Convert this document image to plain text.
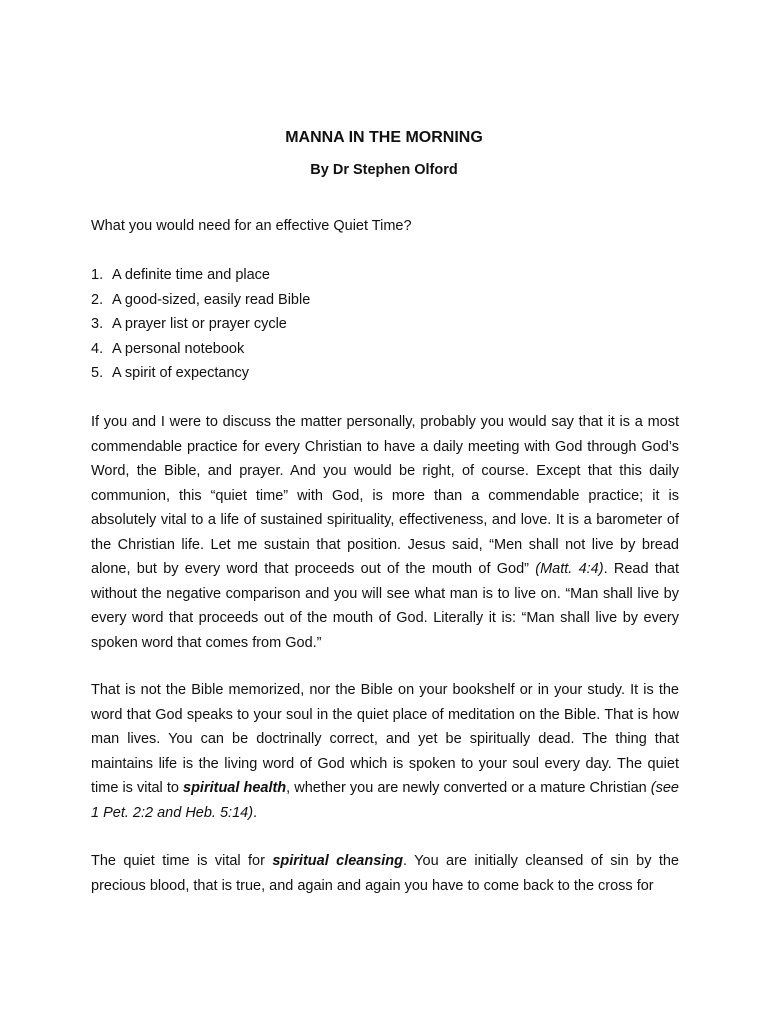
MANNA IN THE MORNING
By Dr Stephen Olford
What you would need for an effective Quiet Time?
1. A definite time and place
2. A good-sized, easily read Bible
3. A prayer list or prayer cycle
4. A personal notebook
5. A spirit of expectancy

If you and I were to discuss the matter personally, probably you would say that it is a most commendable practice for every Christian to have a daily meeting with God through God’s Word, the Bible, and prayer. And you would be right, of course. Except that this daily communion, this “quiet time” with God, is more than a commendable practice; it is absolutely vital to a life of sustained spirituality, effectiveness, and love. It is a barometer of the Christian life. Let me sustain that position. Jesus said, “Men shall not live by bread alone, but by every word that proceeds out of the mouth of God” (Matt. 4:4). Read that without the negative comparison and you will see what man is to live on. “Man shall live by every word that proceeds out of the mouth of God. Literally it is: “Man shall live by every spoken word that comes from God.”

That is not the Bible memorized, nor the Bible on your bookshelf or in your study. It is the word that God speaks to your soul in the quiet place of meditation on the Bible. That is how man lives. You can be doctrinally correct, and yet be spiritually dead. The thing that maintains life is the living word of God which is spoken to your soul every day. The quiet time is vital to spiritual health, whether you are newly converted or a mature Christian (see 1 Pet. 2:2 and Heb. 5:14).

The quiet time is vital for spiritual cleansing. You are initially cleansed of sin by the precious blood, that is true, and again and again you have to come back to the cross for
